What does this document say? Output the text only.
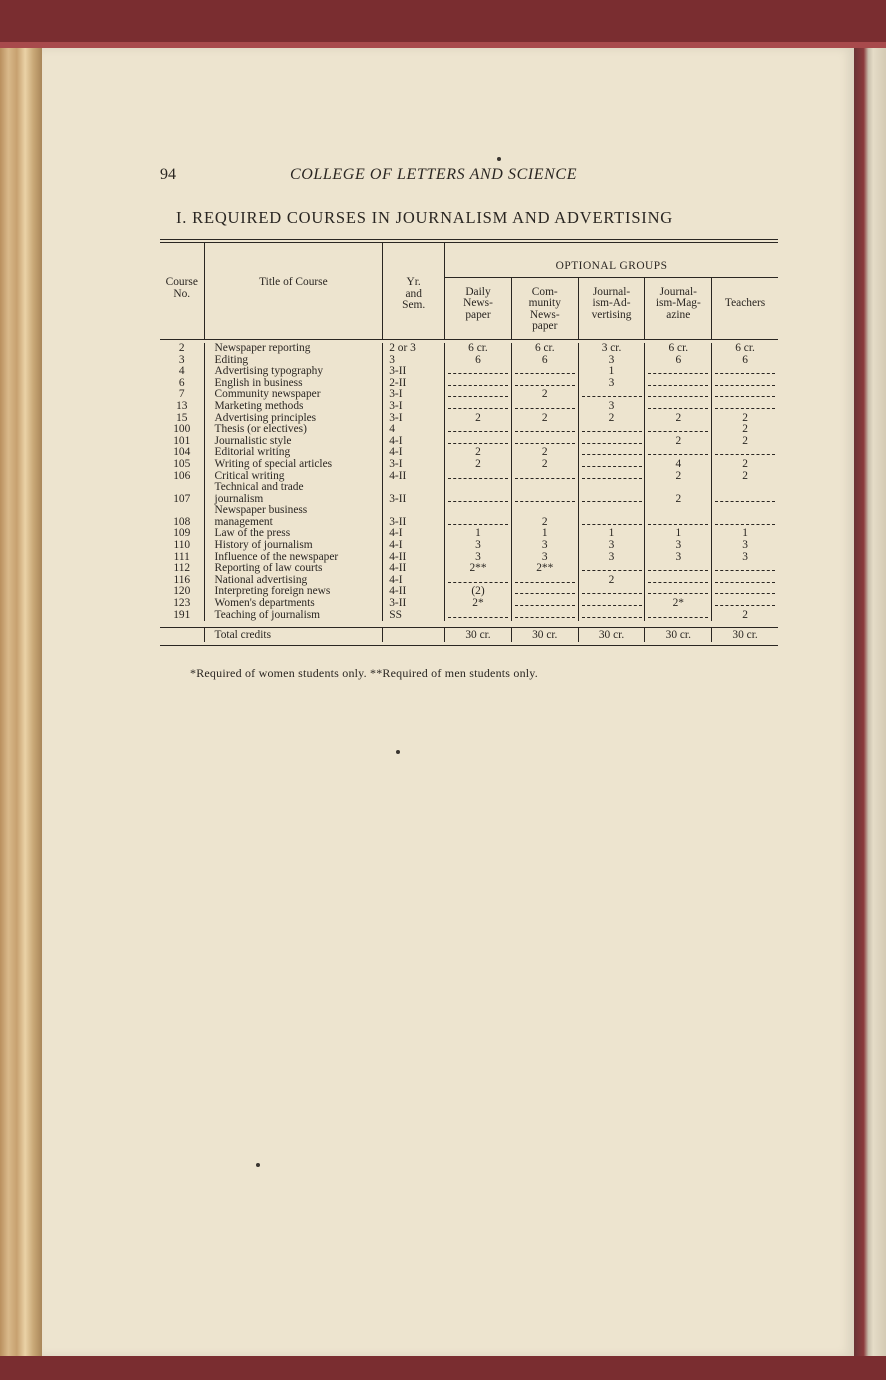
94	COLLEGE OF LETTERS AND SCIENCE
I. REQUIRED COURSES IN JOURNALISM AND ADVERTISING
Course
No.	Title of Course	Yr.
and
Sem.	OPTIONAL GROUPS				
			Daily
News-
paper	Com-
munity
News-
paper	Journal-
ism-Ad-
vertising	Journal-
ism-Mag-
azine	Teachers

2	Newspaper reporting	2 or 3	6 cr.	6 cr.	3 cr.	6 cr.	6 cr.
3	Editing	3	6	6	3	6	6
4	Advertising typography	3-II			1		
6	English in business	2-II			3		
7	Community newspaper	3-I		2			
13	Marketing methods	3-I			3		
15	Advertising principles	3-I	2	2	2	2	2
100	Thesis (or electives)	4					2
101	Journalistic style	4-I				2	2
104	Editorial writing	4-I	2	2			
105	Writing of special articles	3-I	2	2		4	2
106	Critical writing	4-II				2	2
107	Technical and trade
journalism	3-II				2	
108	Newspaper business
management	3-II		2			
109	Law of the press	4-I	1	1	1	1	1
110	History of journalism	4-I	3	3	3	3	3
111	Influence of the newspaper	4-II	3	3	3	3	3
112	Reporting of law courts	4-II	2**	2**			
116	National advertising	4-I			2		
120	Interpreting foreign news	4-II	(2)				
123	Women's departments	3-II	2*			2*	
191	Teaching of journalism	SS					2

	Total credits		30 cr.	30 cr.	30 cr.	30 cr.	30 cr.
*Required of women students only. **Required of men students only.
